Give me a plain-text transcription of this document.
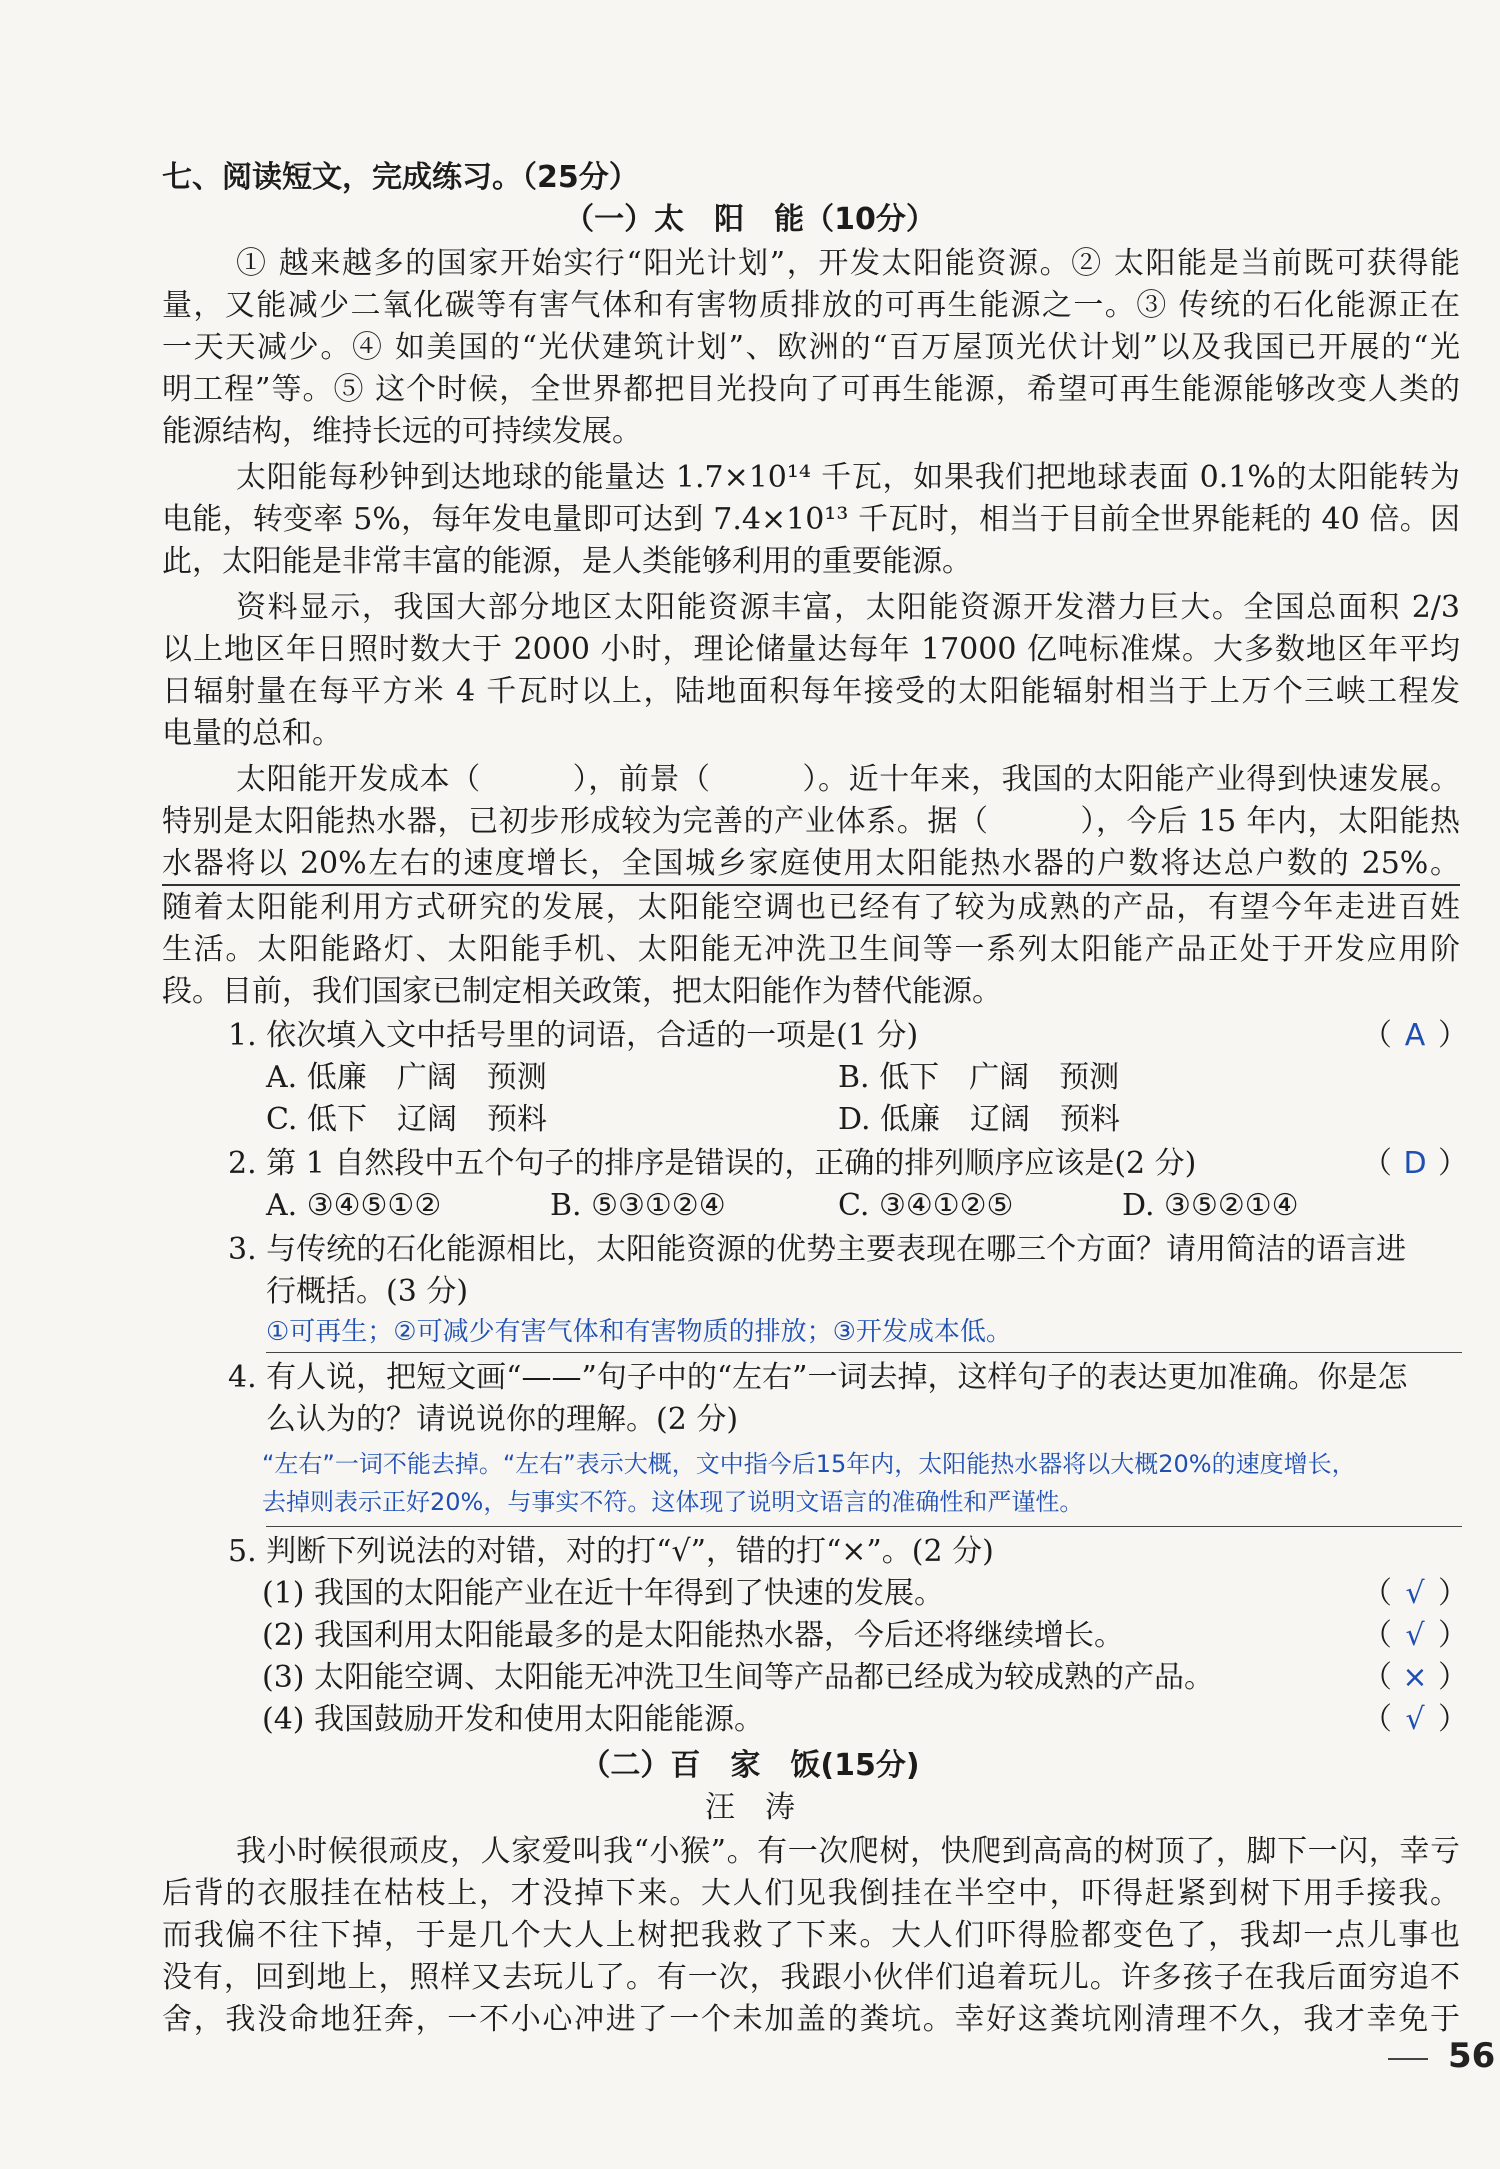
七、阅读短文，完成练习。（25分）
（一）太　阳　能（10分）
① 越来越多的国家开始实行“阳光计划”，开发太阳能资源。② 太阳能是当前既可获得能
量，又能减少二氧化碳等有害气体和有害物质排放的可再生能源之一。③ 传统的石化能源正在
一天天减少。④ 如美国的“光伏建筑计划”、欧洲的“百万屋顶光伏计划”以及我国已开展的“光
明工程”等。⑤ 这个时候，全世界都把目光投向了可再生能源，希望可再生能源能够改变人类的
能源结构，维持长远的可持续发展。
太阳能每秒钟到达地球的能量达 1.7×10¹⁴ 千瓦，如果我们把地球表面 0.1%的太阳能转为
电能，转变率 5%，每年发电量即可达到 7.4×10¹³ 千瓦时，相当于目前全世界能耗的 40 倍。因
此，太阳能是非常丰富的能源，是人类能够利用的重要能源。
资料显示，我国大部分地区太阳能资源丰富，太阳能资源开发潜力巨大。全国总面积 2/3
以上地区年日照时数大于 2000 小时，理论储量达每年 17000 亿吨标准煤。大多数地区年平均
日辐射量在每平方米 4 千瓦时以上，陆地面积每年接受的太阳能辐射相当于上万个三峡工程发
电量的总和。
太阳能开发成本（　　　），前景（　　　）。近十年来，我国的太阳能产业得到快速发展。
特别是太阳能热水器，已初步形成较为完善的产业体系。据（　　　），今后 15 年内，太阳能热
水器将以 20%左右的速度增长，全国城乡家庭使用太阳能热水器的户数将达总户数的 25%。
随着太阳能利用方式研究的发展，太阳能空调也已经有了较为成熟的产品，有望今年走进百姓
生活。太阳能路灯、太阳能手机、太阳能无冲洗卫生间等一系列太阳能产品正处于开发应用阶
段。目前，我们国家已制定相关政策，把太阳能作为替代能源。
1. 依次填入文中括号里的词语，合适的一项是(1 分)	（ A ）
A. 低廉　广阔　预测	B. 低下　广阔　预测
C. 低下　辽阔　预料	D. 低廉　辽阔　预料
2. 第 1 自然段中五个句子的排序是错误的，正确的排列顺序应该是(2 分)	（ D ）
A. ③④⑤①②	B. ⑤③①②④	C. ③④①②⑤	D. ③⑤②①④
3. 与传统的石化能源相比，太阳能资源的优势主要表现在哪三个方面？请用简洁的语言进
行概括。(3 分)
①可再生；②可减少有害气体和有害物质的排放；③开发成本低。
4. 有人说，把短文画“——”句子中的“左右”一词去掉，这样句子的表达更加准确。你是怎
么认为的？请说说你的理解。(2 分)
“左右”一词不能去掉。“左右”表示大概，文中指今后15年内，太阳能热水器将以大概20%的速度增长，
去掉则表示正好20%，与事实不符。这体现了说明文语言的准确性和严谨性。
5. 判断下列说法的对错，对的打“√”，错的打“×”。(2 分)
(1) 我国的太阳能产业在近十年得到了快速的发展。	（ √ ）
(2) 我国利用太阳能最多的是太阳能热水器，今后还将继续增长。	（ √ ）
(3) 太阳能空调、太阳能无冲洗卫生间等产品都已经成为较成熟的产品。	（ × ）
(4) 我国鼓励开发和使用太阳能能源。	（ √ ）
（二）百　家　饭(15分)
汪　涛
我小时候很顽皮，人家爱叫我“小猴”。有一次爬树，快爬到高高的树顶了，脚下一闪，幸亏
后背的衣服挂在枯枝上，才没掉下来。大人们见我倒挂在半空中，吓得赶紧到树下用手接我。
而我偏不往下掉，于是几个大人上树把我救了下来。大人们吓得脸都变色了，我却一点儿事也
没有，回到地上，照样又去玩儿了。有一次，我跟小伙伴们追着玩儿。许多孩子在我后面穷追不
舍，我没命地狂奔，一不小心冲进了一个未加盖的粪坑。幸好这粪坑刚清理不久，我才幸免于
56
